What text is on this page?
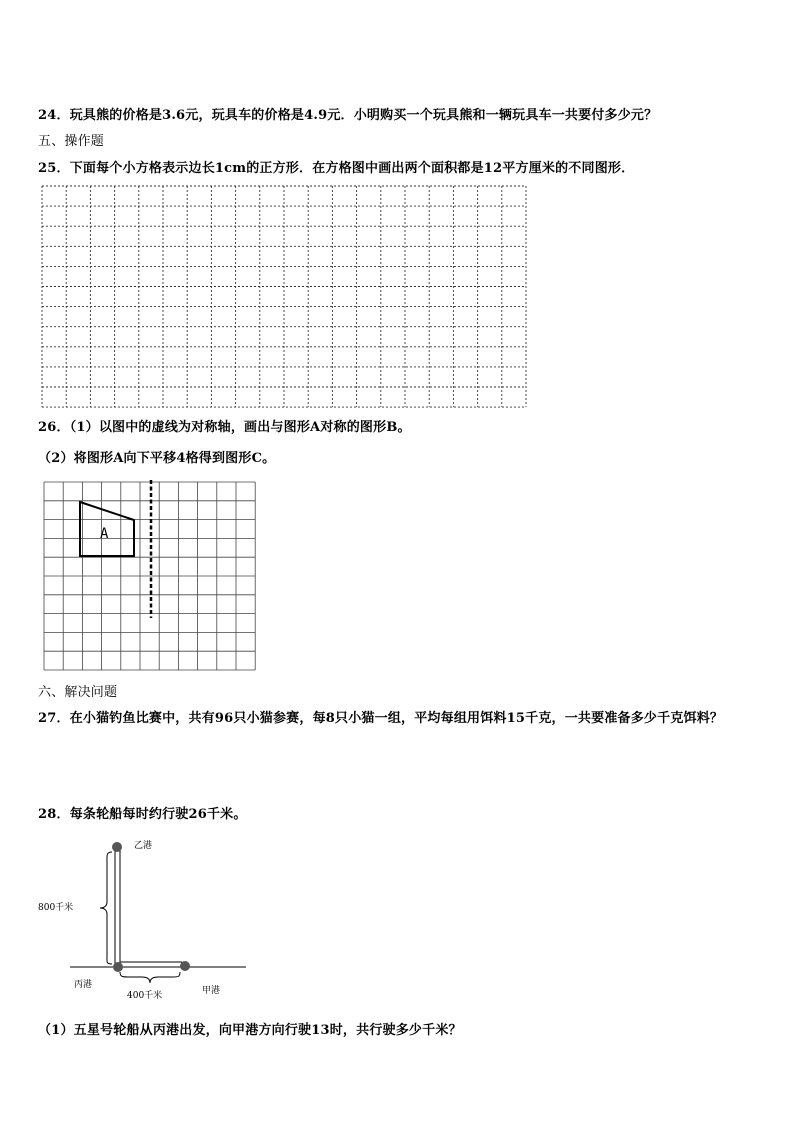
24．玩具熊的价格是3.6元，玩具车的价格是4.9元．小明购买一个玩具熊和一辆玩具车一共要付多少元？
五、操作题
25．下面每个小方格表示边长1cm的正方形．在方格图中画出两个面积都是12平方厘米的不同图形．
26．（1）以图中的虚线为对称轴，画出与图形A对称的图形B。
（2）将图形A向下平移4格得到图形C。
A
六、解决问题
27．在小猫钓鱼比赛中，共有96只小猫参赛，每8只小猫一组，平均每组用饵料15千克，一共要准备多少千克饵料？
28．每条轮船每时约行驶26千米。
乙港
800千米
丙港
甲港
400千米
（1）五星号轮船从丙港出发，向甲港方向行驶13时，共行驶多少千米？
